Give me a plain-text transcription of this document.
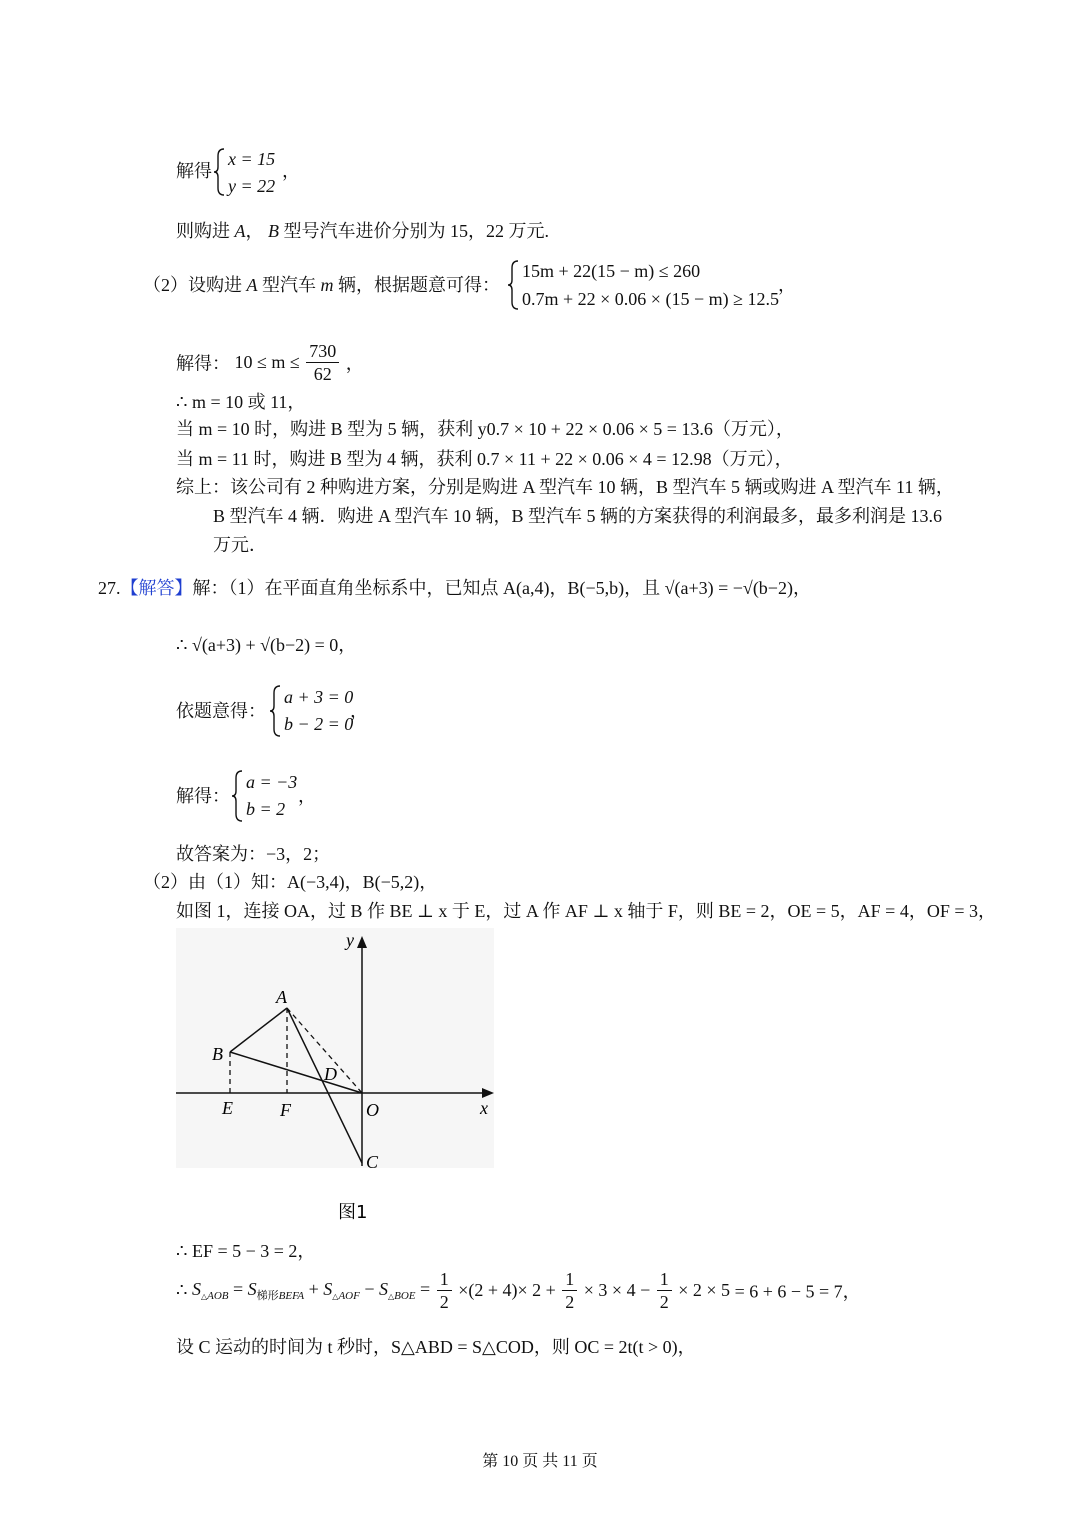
解得
x = 15
y = 22
，
则购进 A， B 型号汽车进价分别为 15，22 万元.
（2）设购进 A 型汽车 m 辆，根据题意可得：
15m + 22(15 − m) ≤ 260
0.7m + 22 × 0.06 × (15 − m) ≥ 12.5
，
解得： $10 \le m \le \frac{730}{62}$ ，
∴ m = 10 或 11，
当 m = 10 时，购进 B 型为 5 辆，获利 y0.7 × 10 + 22 × 0.06 × 5 = 13.6（万元），
当 m = 11 时，购进 B 型为 4 辆，获利 0.7 × 11 + 22 × 0.06 × 4 = 12.98（万元），
综上：该公司有 2 种购进方案，分别是购进 A 型汽车 10 辆，B 型汽车 5 辆或购进 A 型汽车 11 辆，
B 型汽车 4 辆．购进 A 型汽车 10 辆，B 型汽车 5 辆的方案获得的利润最多，最多利润是 13.6
万元．
27.【解答】解：（1）在平面直角坐标系中，已知点 A(a,4)，B(−5,b)，且 √(a+3) = −√(b−2)，
∴ √(a+3) + √(b−2) = 0，
依题意得：
a + 3 = 0
b − 2 = 0
，
解得：
a = −3
b = 2
，
故答案为：−3，2；
（2）由（1）知：A(−3,4)，B(−5,2)，
如图 1，连接 OA，过 B 作 BE ⊥ x 于 E，过 A 作 AF ⊥ x 轴于 F，则 BE = 2，OE = 5，AF = 4，OF = 3，
y
x
A
B
D
E	F	O
C
图1
∴ EF = 5 − 3 = 2，
∴ $S_{\triangle AOB} = S_{梯形BEFA} + S_{\triangle AOF} - S_{\triangle BOE} = \frac{1}{2} \times(2 + 4)\times 2 + \frac{1}{2} \times 3 \times 4 - \frac{1}{2} \times 2 \times 5 = 6 + 6 - 5 = 7$，
设 C 运动的时间为 t 秒时，S△ABD = S△COD，则 OC = 2t(t > 0)，
第 10 页 共 11 页
